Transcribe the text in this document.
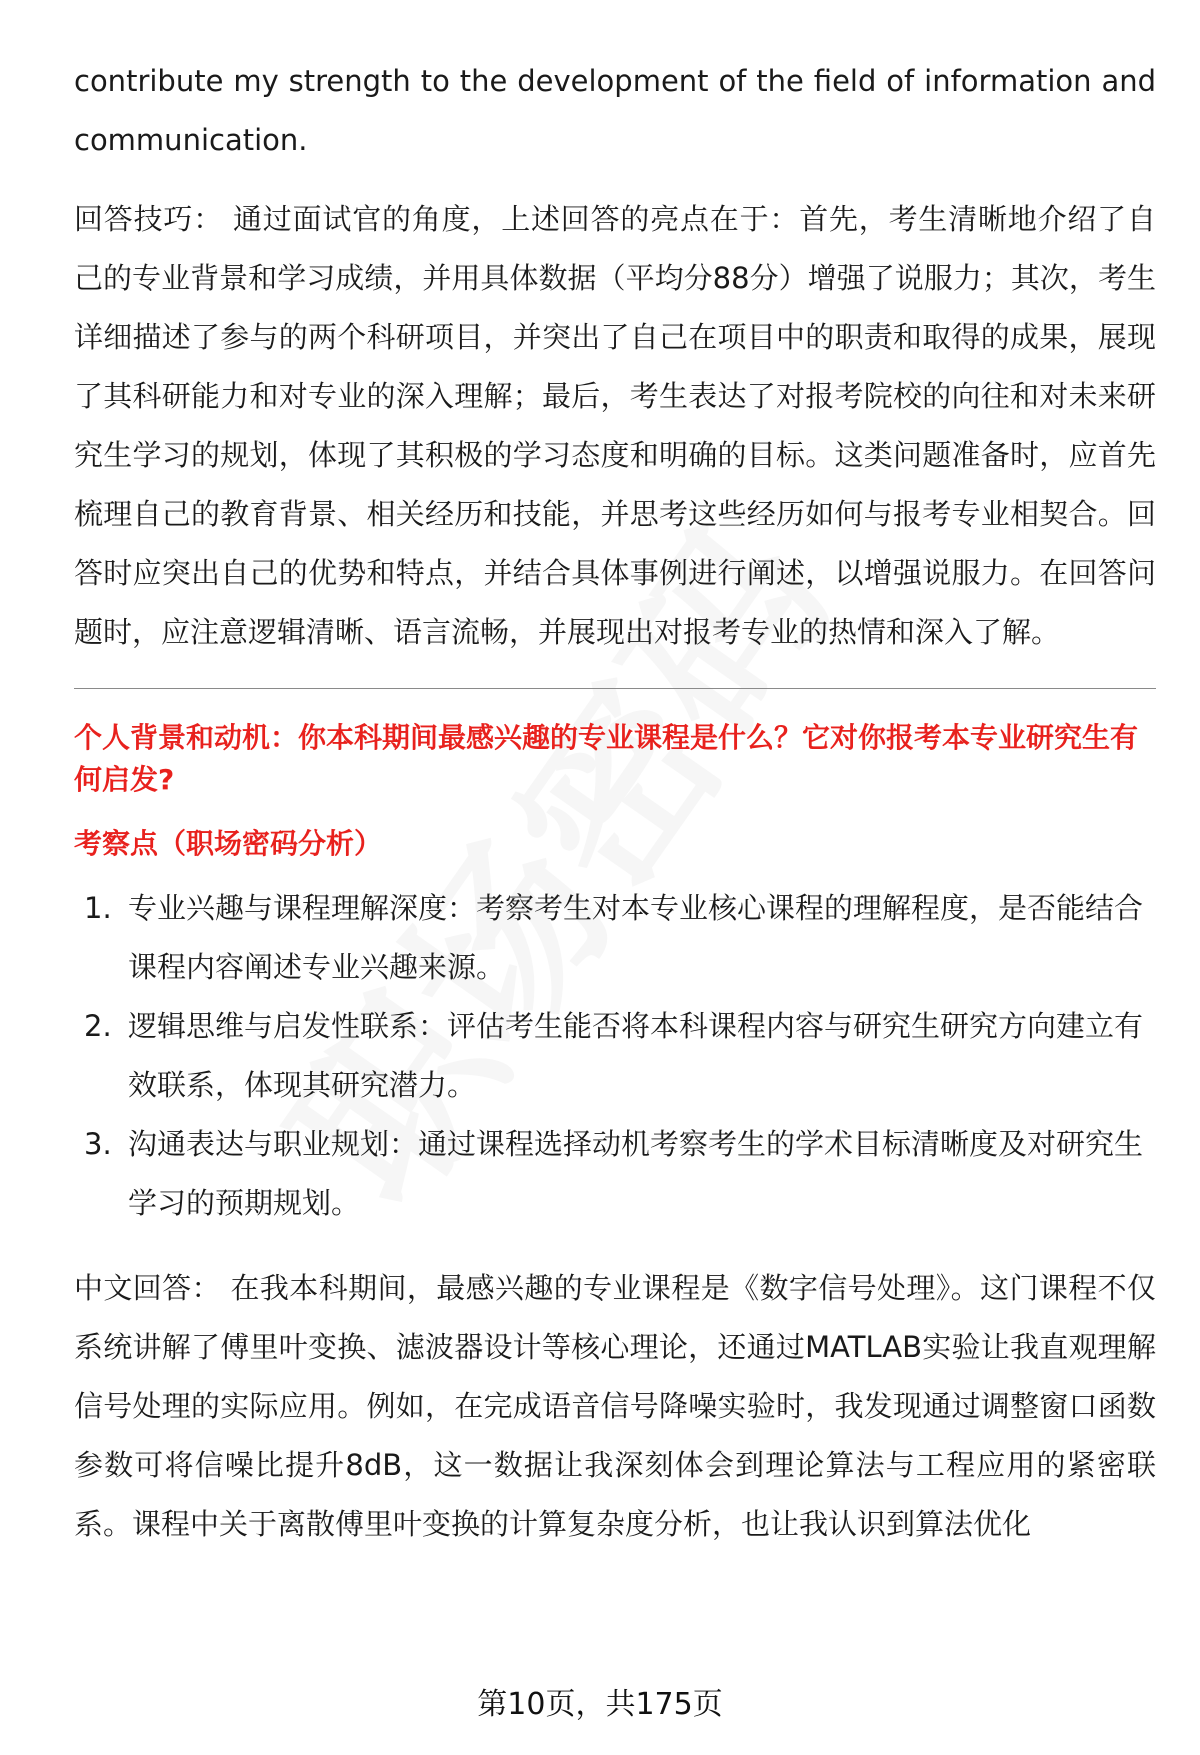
contribute my strength to the development of the field of information and communication.

回答技巧： 通过面试官的角度，上述回答的亮点在于：首先，考生清晰地介绍了自己的专业背景和学习成绩，并用具体数据（平均分88分）增强了说服力；其次，考生详细描述了参与的两个科研项目，并突出了自己在项目中的职责和取得的成果，展现了其科研能力和对专业的深入理解；最后，考生表达了对报考院校的向往和对未来研究生学习的规划，体现了其积极的学习态度和明确的目标。这类问题准备时，应首先梳理自己的教育背景、相关经历和技能，并思考这些经历如何与报考专业相契合。回答时应突出自己的优势和特点，并结合具体事例进行阐述，以增强说服力。在回答问题时，应注意逻辑清晰、语言流畅，并展现出对报考专业的热情和深入了解。

个人背景和动机：你本科期间最感兴趣的专业课程是什么？它对你报考本专业研究生有何启发?

考察点（职场密码分析）

1. 专业兴趣与课程理解深度：考察考生对本专业核心课程的理解程度，是否能结合课程内容阐述专业兴趣来源。
2. 逻辑思维与启发性联系：评估考生能否将本科课程内容与研究生研究方向建立有效联系，体现其研究潜力。
3. 沟通表达与职业规划：通过课程选择动机考察考生的学术目标清晰度及对研究生学习的预期规划。

中文回答： 在我本科期间，最感兴趣的专业课程是《数字信号处理》。这门课程不仅系统讲解了傅里叶变换、滤波器设计等核心理论，还通过MATLAB实验让我直观理解信号处理的实际应用。例如，在完成语音信号降噪实验时，我发现通过调整窗口函数参数可将信噪比提升8dB，这一数据让我深刻体会到理论算法与工程应用的紧密联系。课程中关于离散傅里叶变换的计算复杂度分析，也让我认识到算法优化

第10页，共175页
